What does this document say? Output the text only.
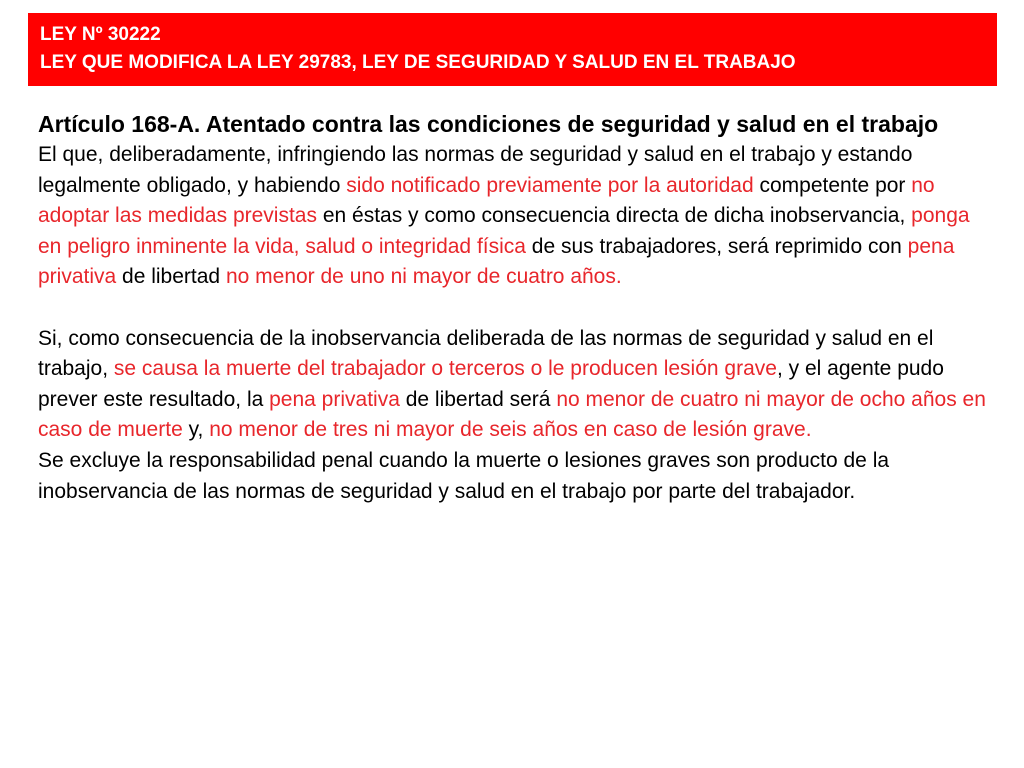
LEY Nº 30222
LEY QUE MODIFICA LA LEY 29783, LEY DE SEGURIDAD Y SALUD EN EL TRABAJO

Artículo 168-A. Atentado contra las condiciones de seguridad y salud en el trabajo

El que, deliberadamente, infringiendo las normas de seguridad y salud en el trabajo y estando legalmente obligado, y habiendo sido notificado previamente por la autoridad competente por no adoptar las medidas previstas en éstas y como consecuencia directa de dicha inobservancia, ponga en peligro inminente la vida, salud o integridad física de sus trabajadores, será reprimido con pena privativa de libertad no menor de uno ni mayor de cuatro años.

Si, como consecuencia de la inobservancia deliberada de las normas de seguridad y salud en el trabajo, se causa la muerte del trabajador o terceros o le producen lesión grave, y el agente pudo prever este resultado, la pena privativa de libertad será no menor de cuatro ni mayor de ocho años en caso de muerte y, no menor de tres ni mayor de seis años en caso de lesión grave.

Se excluye la responsabilidad penal cuando la muerte o lesiones graves son producto de la inobservancia de las normas de seguridad y salud en el trabajo por parte del trabajador.
